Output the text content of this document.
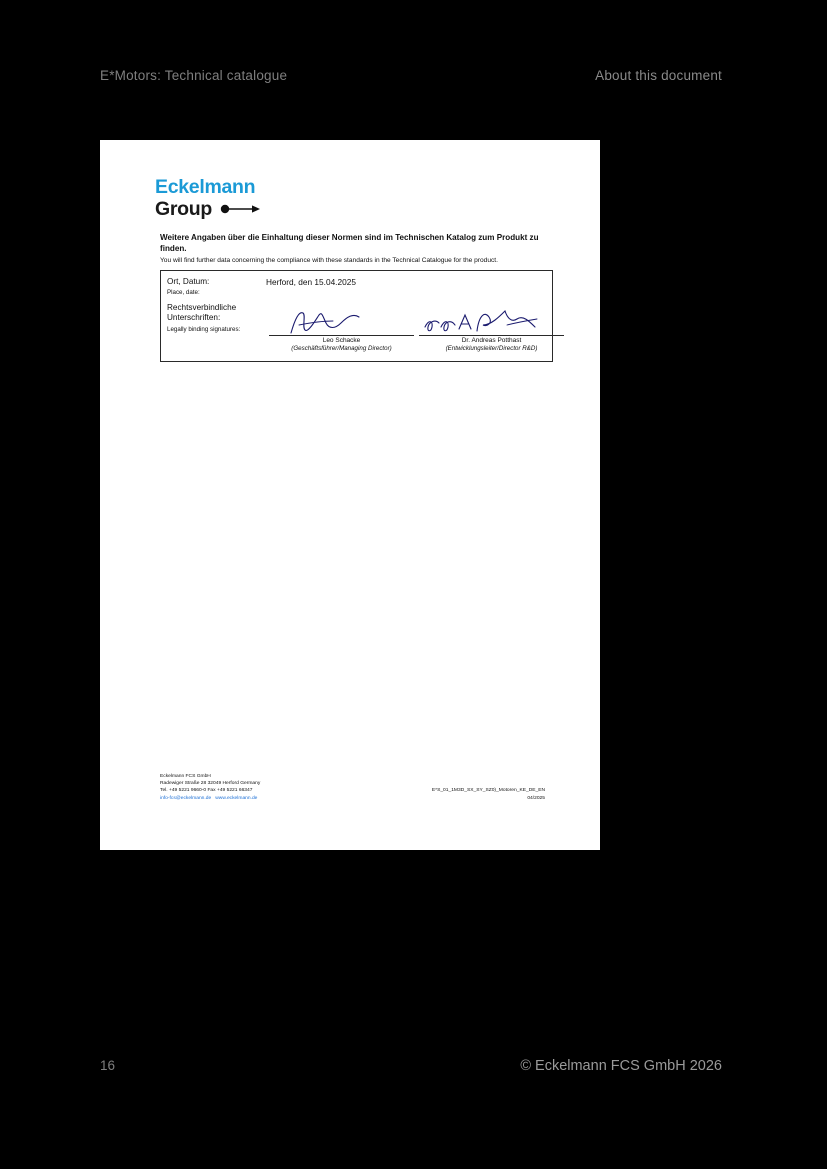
E*Motors: Technical catalogue	About this document
Eckelmann
Group
Weitere Angaben über die Einhaltung dieser Normen sind im Technischen Katalog zum Produkt zu finden.
You will find further data concerning the compliance with these standards in the Technical Catalogue for the product.
Ort, Datum:
Place, date:
Herford, den 15.04.2025
Rechtsverbindliche
Unterschriften:
Legally binding signatures:
Leo Schacke
(Geschäftsführer/Managing Director)
Dr. Andreas Potthast
(Entwicklungsleiter/Director R&D)
Eckelmann FCS GmbH
Radewiger Straße 28 32049 Herford Germany
Tel. +49 5221 9660-0 Fax +49 5221 66347
info-fcs@eckelmann.de www.eckelmann.de
E*S_01_1M3D_SX_SY_SZ0)_Motoren_KE_DE_EN
04/2025
16	© Eckelmann FCS GmbH 2026
